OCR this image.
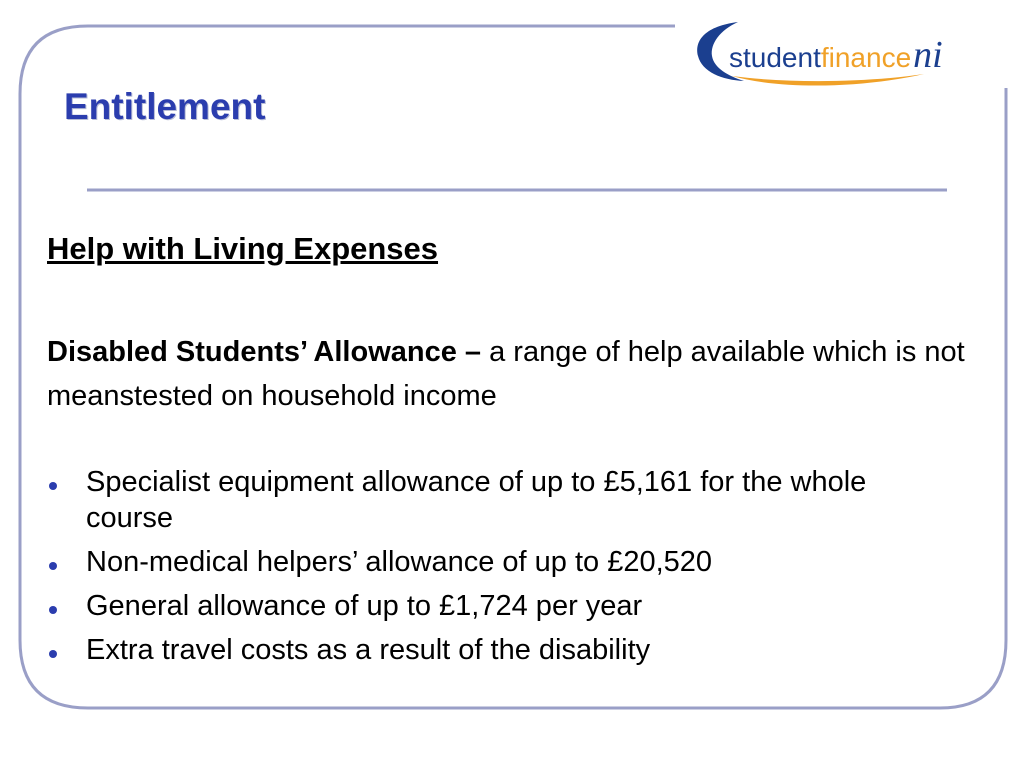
studentfinanceni
Entitlement
Help with Living Expenses

Disabled Students’ Allowance – a range of help available which is not meanstested on household income

Specialist equipment allowance of up to £5,161 for the whole course
Non-medical helpers’ allowance of up to £20,520
General allowance of up to £1,724 per year
Extra travel costs as a result of the disability
